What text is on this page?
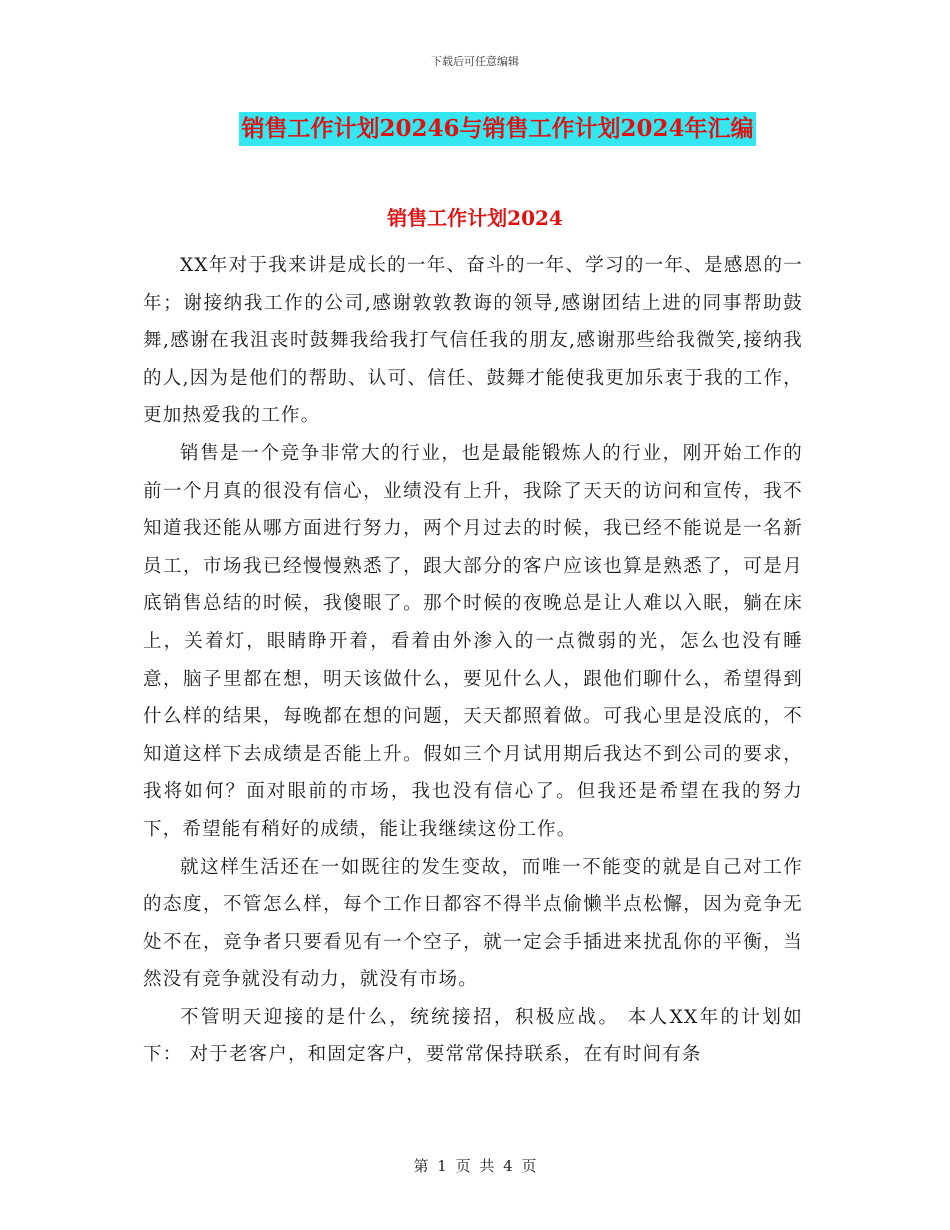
下载后可任意编辑
销售工作计划20246与销售工作计划2024年汇编
销售工作计划2024

XX年对于我来讲是成长的一年、奋斗的一年、学习的一年、是感恩的一年；谢接纳我工作的公司,感谢敦敦教诲的领导,感谢团结上进的同事帮助鼓舞,感谢在我沮丧时鼓舞我给我打气信任我的朋友,感谢那些给我微笑,接纳我的人,因为是他们的帮助、认可、信任、鼓舞才能使我更加乐衷于我的工作，更加热爱我的工作。

销售是一个竞争非常大的行业，也是最能锻炼人的行业，刚开始工作的前一个月真的很没有信心，业绩没有上升，我除了天天的访问和宣传，我不知道我还能从哪方面进行努力，两个月过去的时候，我已经不能说是一名新员工，市场我已经慢慢熟悉了，跟大部分的客户应该也算是熟悉了，可是月底销售总结的时候，我傻眼了。那个时候的夜晚总是让人难以入眠，躺在床上，关着灯，眼睛睁开着，看着由外渗入的一点微弱的光，怎么也没有睡意，脑子里都在想，明天该做什么，要见什么人，跟他们聊什么，希望得到什么样的结果，每晚都在想的问题，天天都照着做。可我心里是没底的，不知道这样下去成绩是否能上升。假如三个月试用期后我达不到公司的要求，我将如何？面对眼前的市场，我也没有信心了。但我还是希望在我的努力下，希望能有稍好的成绩，能让我继续这份工作。

就这样生活还在一如既往的发生变故，而唯一不能变的就是自己对工作的态度，不管怎么样，每个工作日都容不得半点偷懒半点松懈，因为竞争无处不在，竞争者只要看见有一个空子，就一定会手插进来扰乱你的平衡，当然没有竞争就没有动力，就没有市场。

不管明天迎接的是什么，统统接招，积极应战。 本人XX年的计划如下： 对于老客户，和固定客户，要常常保持联系，在有时间有条

第 1 页 共 4 页
